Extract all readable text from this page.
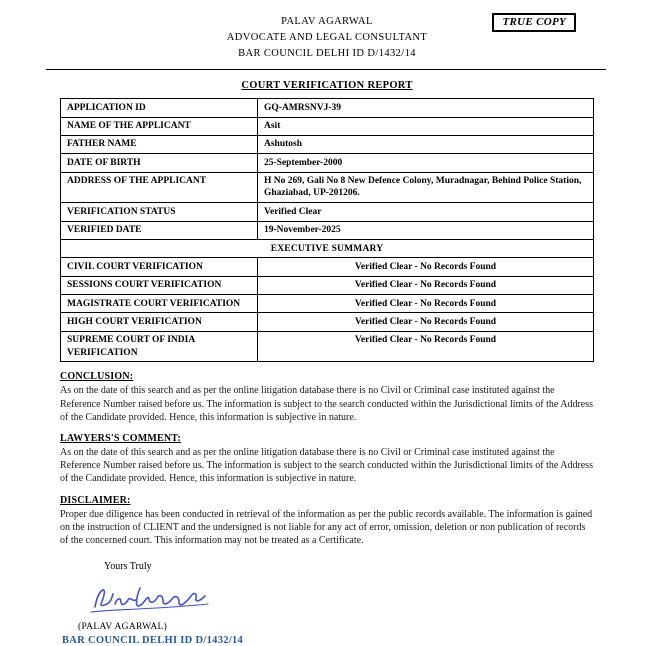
TRUE COPY
PALAV AGARWAL
ADVOCATE AND LEGAL CONSULTANT
BAR COUNCIL DELHI ID D/1432/14
COURT VERIFICATION REPORT
APPLICATION ID	GQ-AMRSNVJ-39
NAME OF THE APPLICANT	Asit
FATHER NAME	Ashutosh
DATE OF BIRTH	25-September-2000
ADDRESS OF THE APPLICANT	H No 269, Gali No 8 New Defence Colony, Muradnagar, Behind Police Station, Ghaziabad, UP-201206.
VERIFICATION STATUS	Verified Clear
VERIFIED DATE	19-November-2025
EXECUTIVE SUMMARY	
CIVIL COURT VERIFICATION	Verified Clear - No Records Found
SESSIONS COURT VERIFICATION	Verified Clear - No Records Found
MAGISTRATE COURT VERIFICATION	Verified Clear - No Records Found
HIGH COURT VERIFICATION	Verified Clear - No Records Found
SUPREME COURT OF INDIA VERIFICATION	Verified Clear - No Records Found
CONCLUSION:
As on the date of this search and as per the online litigation database there is no Civil or Criminal case instituted against the Reference Number raised before us. The information is subject to the search conducted within the Jurisdictional limits of the Address of the Candidate provided. Hence, this information is subjective in nature.
LAWYERS'S COMMENT:
As on the date of this search and as per the online litigation database there is no Civil or Criminal case instituted against the Reference Number raised before us. The information is subject to the search conducted within the Jurisdictional limits of the Address of the Candidate provided. Hence, this information is subjective in nature.
DISCLAIMER:
Proper due diligence has been conducted in retrieval of the information as per the public records available. The information is gained on the instruction of CLIENT and the undersigned is not liable for any act of error, omission, deletion or non publication of records of the concerned court. This information may not be treated as a Certificate.
Yours Truly
(PALAV AGARWAL)
BAR COUNCIL DELHI ID D/1432/14
